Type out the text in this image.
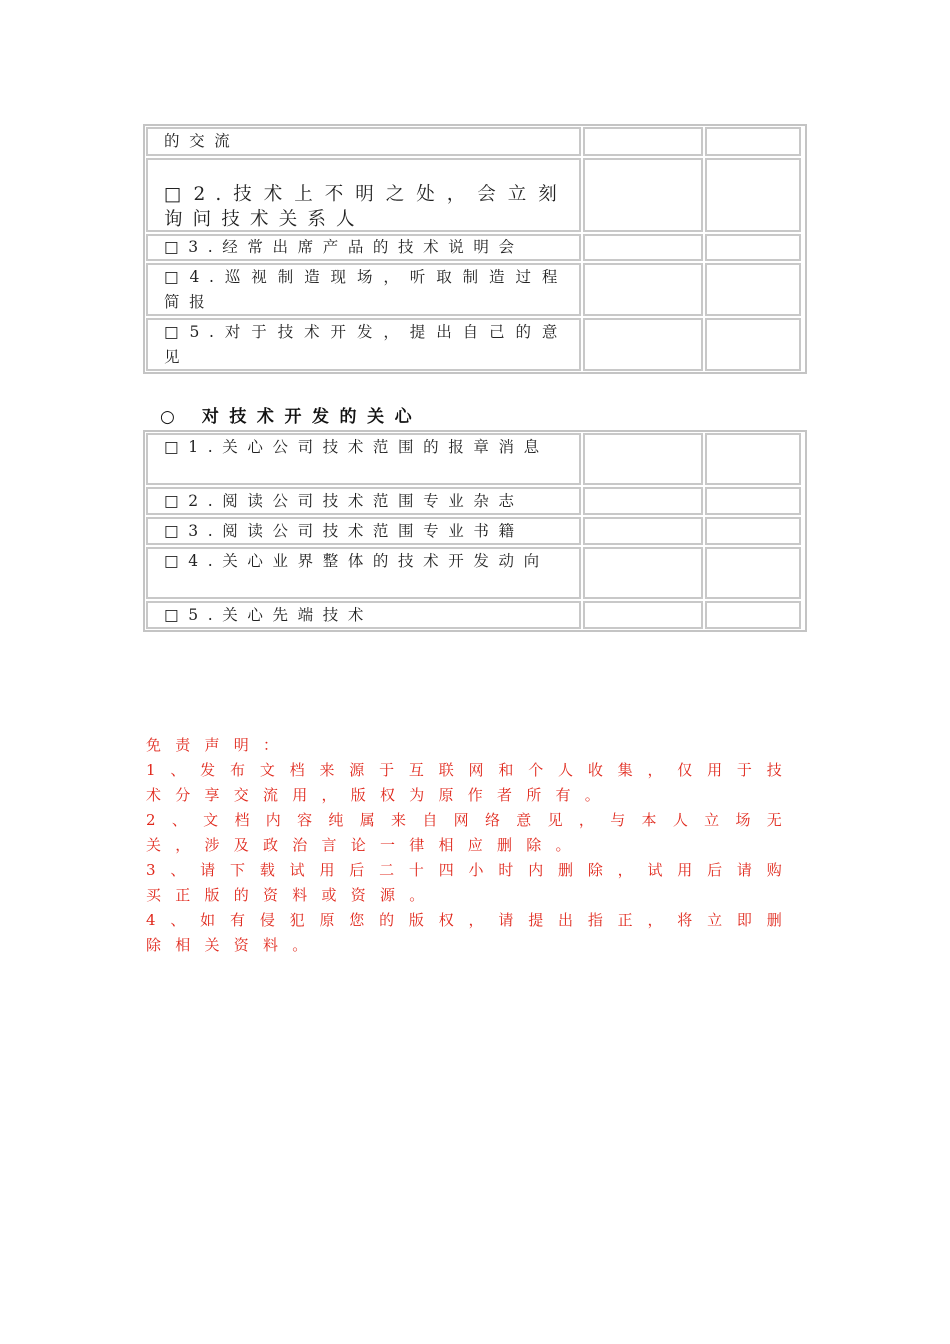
的交流
□2.技术上不明之处，会立刻询问技术关系人
□3.经常出席产品的技术说明会
□4.巡视制造现场，听取制造过程简报
□5.对于技术开发，提出自己的意见
○ 对技术开发的关心
□1.关心公司技术范围的报章消息
□2.阅读公司技术范围专业杂志
□3.阅读公司技术范围专业书籍
□4.关心业界整体的技术开发动向
□5.关心先端技术
免责声明：
1、发布文档来源于互联网和个人收集，仅用于技术分享交流用，版权为原作者所有。
2、文档内容纯属来自网络意见，与本人立场无关，涉及政治言论一律相应删除。
3、请下载试用后二十四小时内删除，试用后请购买正版的资料或资源。
4、如有侵犯原您的版权，请提出指正，将立即删除相关资料。
